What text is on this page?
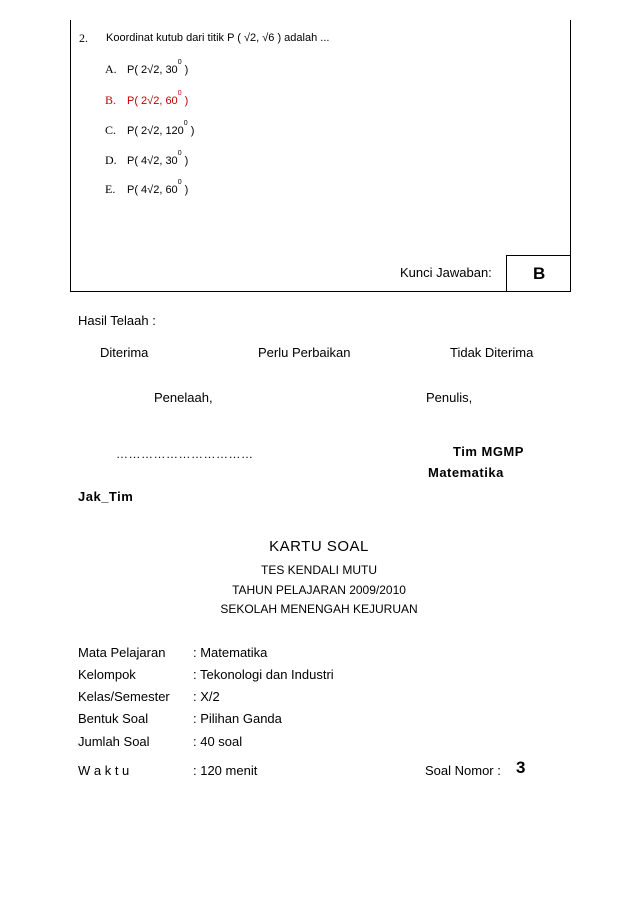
2. Koordinat kutub dari titik P ( √2, √6 ) adalah ...
A. P( 2√2, $30^0$ )
B. P( 2√2, $60^0$ )
C. P( 2√2, $120^0$ )
D. P( 4√2, $30^0$ )
E. P( 4√2, $60^0$ )
Kunci Jawaban: B
Hasil Telaah :
Diterima	Perlu Perbaikan	Tidak Diterima
Penelaah,	Penulis,
……………………………	Tim MGMP
Matematika
Jak_Tim
KARTU SOAL
TES KENDALI MUTU
TAHUN PELAJARAN 2009/2010
SEKOLAH MENENGAH KEJURUAN
Mata Pelajaran : Matematika
Kelompok	: Tekonologi dan Industri
Kelas/Semester : X/2
Bentuk Soal	: Pilihan Ganda
Jumlah Soal	: 40 soal
W a k t u	: 120 menit	Soal Nomor : 3
